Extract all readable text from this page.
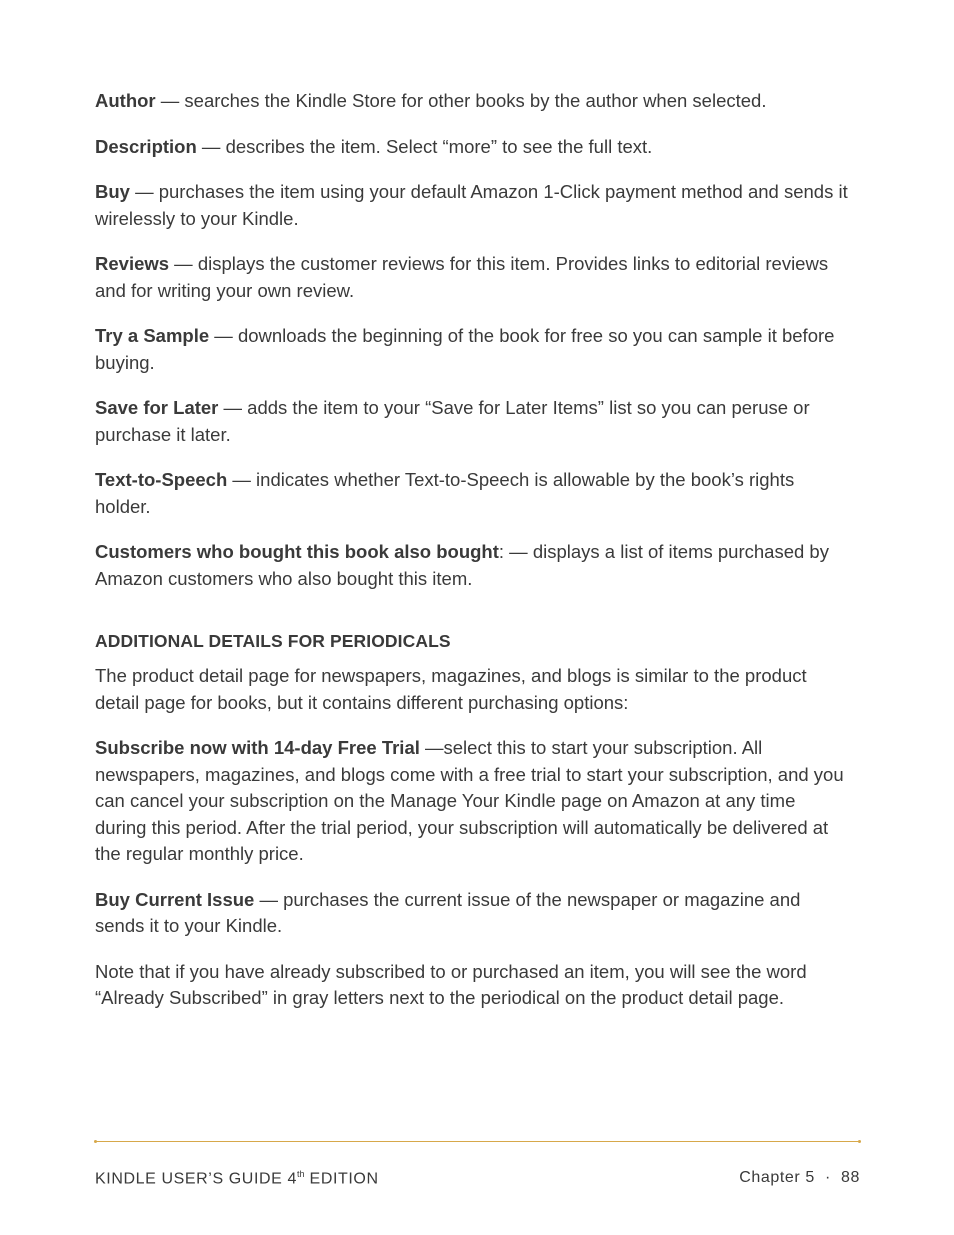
Author — searches the Kindle Store for other books by the author when selected.

Description — describes the item. Select “more” to see the full text.

Buy — purchases the item using your default Amazon 1-Click payment method and sends it wirelessly to your Kindle.

Reviews — displays the customer reviews for this item. Provides links to editorial reviews and for writing your own review.

Try a Sample — downloads the beginning of the book for free so you can sample it before buying.

Save for Later — adds the item to your “Save for Later Items” list so you can peruse or purchase it later.

Text-to-Speech — indicates whether Text-to-Speech is allowable by the book’s rights holder.

Customers who bought this book also bought: — displays a list of items purchased by Amazon customers who also bought this item.

ADDITIONAL DETAILS FOR PERIODICALS

The product detail page for newspapers, magazines, and blogs is similar to the product detail page for books, but it contains different purchasing options:

Subscribe now with 14-day Free Trial —select this to start your subscription. All newspapers, magazines, and blogs come with a free trial to start your subscription, and you can cancel your subscription on the Manage Your Kindle page on Amazon at any time during this period. After the trial period, your subscription will automatically be delivered at the regular monthly price.

Buy Current Issue — purchases the current issue of the newspaper or magazine and sends it to your Kindle.

Note that if you have already subscribed to or purchased an item, you will see the word “Already Subscribed” in gray letters next to the periodical on the product detail page.

KINDLE USER’S GUIDE 4th EDITION	Chapter 5 · 88
